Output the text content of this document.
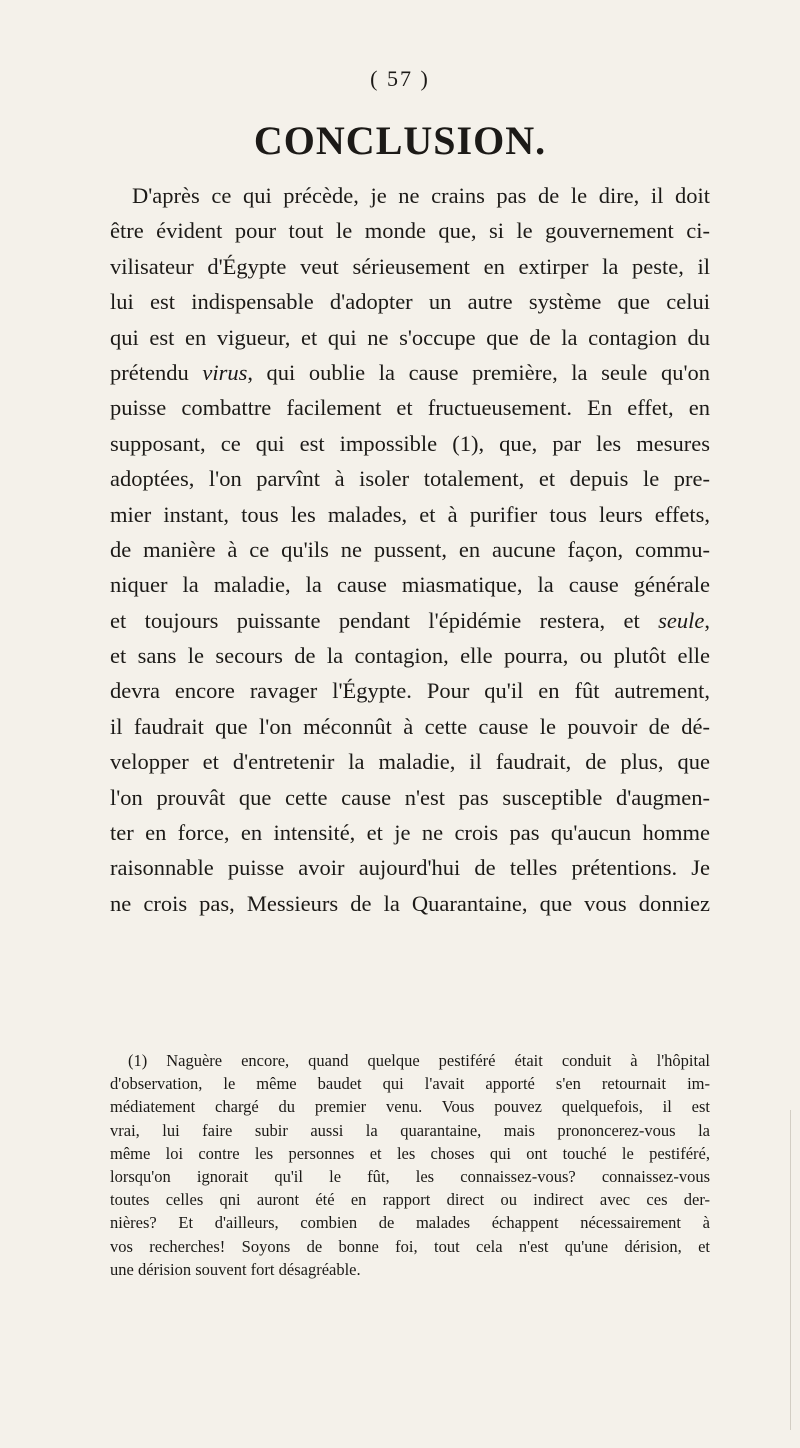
( 57 )
CONCLUSION.
D'après ce qui précède, je ne crains pas de le dire, il doit
être évident pour tout le monde que, si le gouvernement ci-
vilisateur d'Égypte veut sérieusement en extirper la peste, il
lui est indispensable d'adopter un autre système que celui
qui est en vigueur, et qui ne s'occupe que de la contagion du
prétendu virus, qui oublie la cause première, la seule qu'on
puisse combattre facilement et fructueusement. En effet, en
supposant, ce qui est impossible (1), que, par les mesures
adoptées, l'on parvînt à isoler totalement, et depuis le pre-
mier instant, tous les malades, et à purifier tous leurs effets,
de manière à ce qu'ils ne pussent, en aucune façon, commu-
niquer la maladie, la cause miasmatique, la cause générale
et toujours puissante pendant l'épidémie restera, et seule,
et sans le secours de la contagion, elle pourra, ou plutôt elle
devra encore ravager l'Égypte. Pour qu'il en fût autrement,
il faudrait que l'on méconnût à cette cause le pouvoir de dé-
velopper et d'entretenir la maladie, il faudrait, de plus, que
l'on prouvât que cette cause n'est pas susceptible d'augmen-
ter en force, en intensité, et je ne crois pas qu'aucun homme
raisonnable puisse avoir aujourd'hui de telles prétentions. Je
ne crois pas, Messieurs de la Quarantaine, que vous donniez
(1) Naguère encore, quand quelque pestiféré était conduit à l'hôpital
d'observation, le même baudet qui l'avait apporté s'en retournait im-
médiatement chargé du premier venu. Vous pouvez quelquefois, il est
vrai, lui faire subir aussi la quarantaine, mais prononcerez-vous la
même loi contre les personnes et les choses qui ont touché le pestiféré,
lorsqu'on ignorait qu'il le fût, les connaissez-vous? connaissez-vous
toutes celles qni auront été en rapport direct ou indirect avec ces der-
nières? Et d'ailleurs, combien de malades échappent nécessairement à
vos recherches! Soyons de bonne foi, tout cela n'est qu'une dérision, et
une dérision souvent fort désagréable.
